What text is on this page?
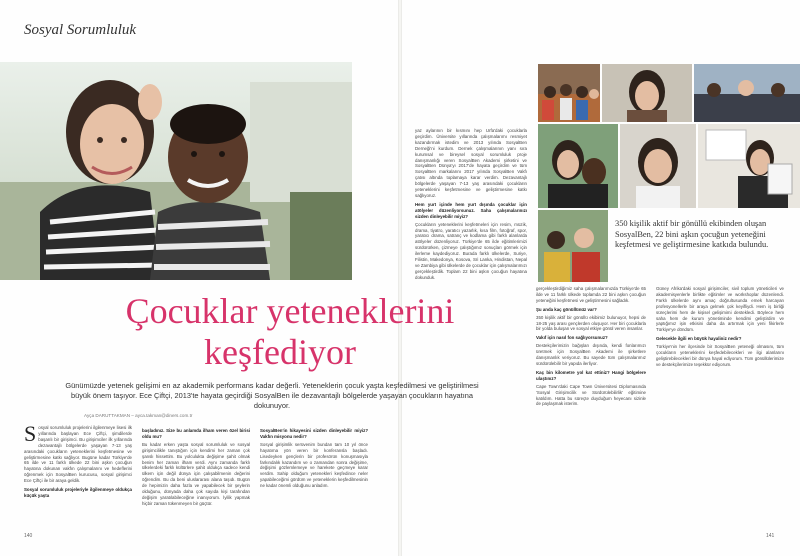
Sosyal Sorumluluk
Çocuklar yeteneklerini
keşfediyor
Günümüzde yetenek gelişimi en az akademik performans kadar değerli. Yeteneklerin çocuk yaşta keşfedilmesi ve geliştirilmesi büyük önem taşıyor. Ece Çiftçi, 2013'te hayata geçirdiği SosyalBen ile dezavantajlı bölgelerde yaşayan çocukların hayatına dokunuyor.
Ayça DARUTTAKMAN – ayca.takman@diners.com.tr

Sosyal sorumluluk projelerini ilgilenmeye lisesi ilk yıllarında başlayan Ece Çiftçi, şimdilerde başarılı bir girişimci. Bu girişimciler ilk yıllarında dezavantajlı bölgelerde yaşayan 7-13 yaş arasındaki çocukların yeteneklerini keşfetmesine ve geliştirmesine katkı sağlıyor. Bugüne kadar Türkiye'de 65 ilde ve 11 farklı ülkede 22 bini aşkın çocuğun hayatına dokunan vakfın çalışmalarını ve hedeflerini öğrenmek için SosyalBen kurucusu, sosyal girişimci Ece Çiftçi ile bir araya geldik.

Sosyal sorumluluk projeleriyle ilgilenmeye oldukça küçük yaşta

başladınız. Size bu anlamda ilham veren özel birisi oldu mu?

Bu kadar erken yaşta sosyal sorumluluk ve sosyal girişimcilikle tanıştığım için kendimi her zaman çok şanslı hissettim. Bu yolculukta değişime şahit olmak benim her zaman ilham verdi. Aynı zamanda farklı ülkelerdeki farklı kültürlere şahit oldukça sadece kendi ülkem için değil dünya için çalışabilmenin değerini öğrendim. Bu da beni uluslararası alana taşıdı. Bugün de hepimizin daha fazla ve yapabilecek bir şeylerin olduğunu, dünyada daha çok sayıda kişi tarafından değişim yaratılabileceğine inanıyorum. İyilik yapmak hiçbir zaman tükenmeyen bir güçtür.

SosyalBen'in hikayesini sizden dinleyebilir miyiz? Vakfın misyonu nedir?

Sosyal girişimlik serüvenim bundan tam 10 yıl önce hayatıma yön veren bir konferansla başladı. Lisedeyken gençlerin bir profesörün konuşmasıyla farkındalık kazandım ve o zamandan sonra değişime, değişimi gözlemlemeye ve harekete geçmeye karar verdim. Sahip olduğum yetenekleri keşfedince neler yapabileceğimi gördüm ve yeteneklerin keşfedilmesinin ne kadar önemli olduğunu anladım.

yaz aylarının bir kısmını hep Urfa'daki çocuklarla geçirdim. Üniversite yıllarında çalışmalarımı resmiyet kazandırmak istedim ve 2013 yılında SosyalBen Derneği'ni kurdum. Dernek çalışmalarının yanı sıra kurumsal ve bireysel sosyal sorumluluk proje danışmanlığı veren SosyalBen Akademi şirketini ve SosyalBen Dünya'yı 2017'de hayata geçirdim ve tüm SosyalBen markalarını 2017 yılında SosyalBen Vakfı çatısı altında toplamaya karar verdim. Dezavantajlı bölgelerde yaşayan 7-13 yaş arasındaki çocukların yeteneklerini keşfetmesine ve geliştirmesine katkı sağlıyoruz.

Hem yurt içinde hem yurt dışında çocuklar için atölyeler düzenliyorsunuz. Saha çalışmalarınızı sizden dinleyebilir miyiz?

Çocukların yeteneklerini keşfetmeleri için resim, müzik, drama, tiyatro, yaratıcı yazarlık, kısa film, fotoğraf, spor, yaratıcı drama, satranç ve kodlama gibi farklı alanlarda atölyeler düzenliyoruz. Türkiye'de 65 ilde eğitimlerimizi sürdürürken, çizmeye çalıştığımız sonuçları görmek için ilerleme kaydediyoruz. Burada farklı ülkelerde, Suriye, Filistin, Makedonya, Kosova, Sri Lanka, Hindistan, Nepal ve Zambiya gibi ülkelerde de çocuklar için çalışmalarımızı gerçekleştirdik. Toplam 22 bini aşkın çocuğun hayatına dokunduk.

350 kişilik aktif bir gönüllü ekibinden oluşan SosyalBen, 22 bini aşkın çocuğun yeteneğini keşfetmesi ve geliştirmesine katkıda bulundu.

gerçekleştirdiğimiz saha çalışmalarımızda Türkiye'de 65 ilde ve 11 farklı ülkede toplamda 22 bini aşkın çocuğun yeteneğini keşfetmesi ve geliştirmesini sağladık.

Şu anda kaç gönüllünüz var?

350 kişilik aktif bir gönüllü ekibimiz bulunuyor, hepsi de 18-25 yaş arası gençlerden oluşuyor. Her biri çocuklarla bir yolda buluşan ve sosyal etkiye gönül veren insanlar.

Vakıf için nasıl fon sağlıyorsunuz?

Destekçilerimizin bağışları dışında, kendi fonlarımızı üretmek için SosyalBen Akademi ile şirketlere danışmanlık veriyoruz. Bu sayede tüm çalışmalarımız sürdürülebilir bir yapıda ilerliyor.

Kaç bin kilometre yol kat ettiniz? Hangi bölgelere ulaştınız?

Cape Town'daki Cape Town Üniversitesi Diplomasında 'Sosyal Girişimcilik ve Sürdürülebilirlik' eğitimine katıldım. Hatta bu süreçte duyduğum heyecanı sizinle de paylaşmak isterim.

Güney Afrika'daki sosyal girişimciler, sivil toplum yöneticileri ve akademisyenlerle birlikte eğitimler ve workshoplar düzenlendi. Farklı ülkelerde aynı amaç doğrultusunda emek harcayan profesyonellerle bir araya gelmek çok keyifliydi. Hem iş birliği süreçlerimi hem de kişisel gelişimimi destekledi. Böylece hem saha hem de kurum yönetiminde kendimi geliştirdim ve yaptığımız işin etkisini daha da artırmak için yeni fikirlerle Türkiye'ye döndüm.

Gelecekle ilgili en büyük hayaliniz nedir?

Türkiye'nin her ilçesinde bir SosyalBen yeteneği olmasını, tüm çocukların yeteneklerini keşfedebilecekleri ve ilgi alanlarını geliştirebilecekleri bir dünya hayal ediyorum. Tüm gönüllülerimize ve destekçilerimize teşekkür ediyorum.

140	141
